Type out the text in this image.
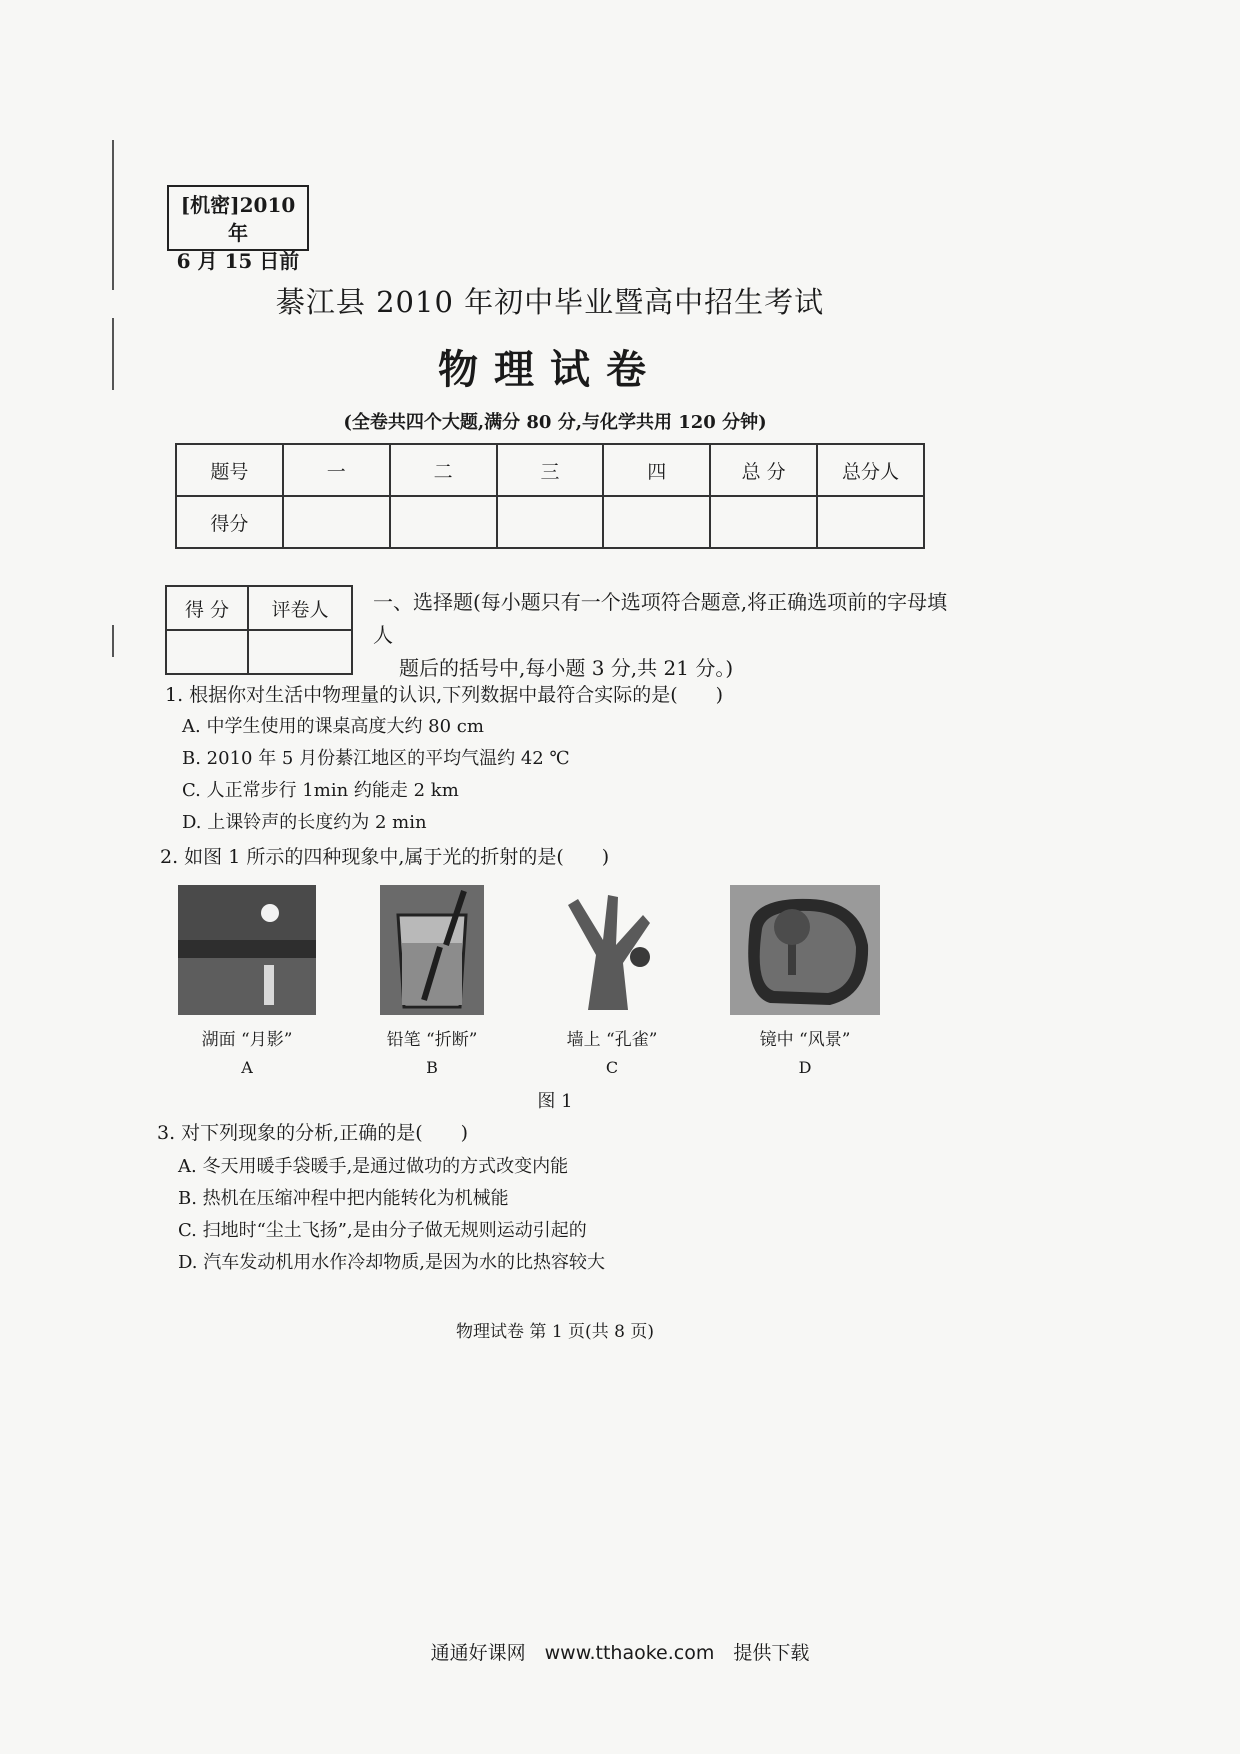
[机密]2010 年
6 月 15 日前
綦江县 2010 年初中毕业暨高中招生考试
物理试卷
(全卷共四个大题,满分 80 分,与化学共用 120 分钟)
题号	一	二	三	四	总 分	总分人
得分						
得 分	评卷人
	一、选择题(每小题只有一个选项符合题意,将正确选项前的字母填人
题后的括号中,每小题 3 分,共 21 分。)
1. 根据你对生活中物理量的认识,下列数据中最符合实际的是(　　)
A. 中学生使用的课桌高度大约 80 cm
B. 2010 年 5 月份綦江地区的平均气温约 42 ℃
C. 人正常步行 1min 约能走 2 km
D. 上课铃声的长度约为 2 min
2. 如图 1 所示的四种现象中,属于光的折射的是(　　)
湖面 “月影”	铅笔 “折断”	墙上 “孔雀”	镜中 “风景”
A	B	C	D
图 1
3. 对下列现象的分析,正确的是(　　)
A. 冬天用暖手袋暖手,是通过做功的方式改变内能
B. 热机在压缩冲程中把内能转化为机械能
C. 扫地时“尘土飞扬”,是由分子做无规则运动引起的
D. 汽车发动机用水作冷却物质,是因为水的比热容较大
物理试卷 第 1 页(共 8 页)
通通好课网　www.tthaoke.com　提供下载
